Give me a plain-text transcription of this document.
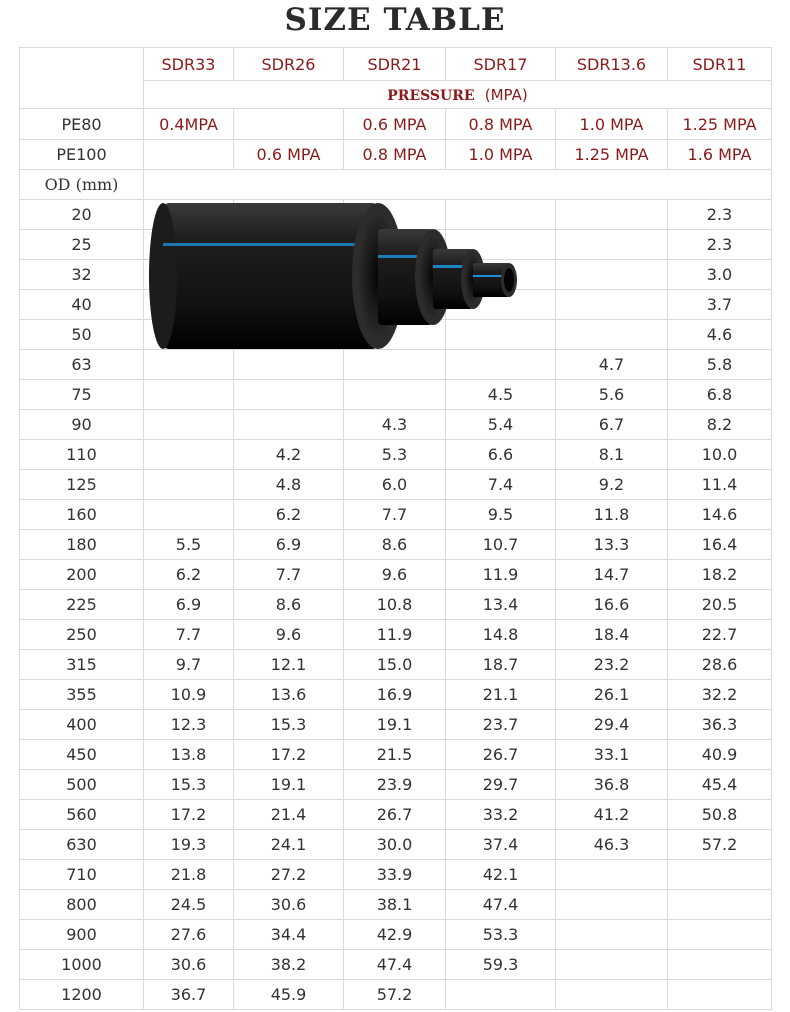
SIZE TABLE
	SDR33	SDR26	SDR21	SDR17	SDR13.6	SDR11
	PRESSURE (MPA)					
PE80	0.4MPA		0.6 MPA	0.8 MPA	1.0 MPA	1.25 MPA
PE100		0.6 MPA	0.8 MPA	1.0 MPA	1.25 MPA	1.6 MPA
OD (mm)						
20						2.3
25						2.3
32						3.0
40						3.7
50						4.6
63					4.7	5.8
75				4.5	5.6	6.8
90			4.3	5.4	6.7	8.2
110		4.2	5.3	6.6	8.1	10.0
125		4.8	6.0	7.4	9.2	11.4
160		6.2	7.7	9.5	11.8	14.6
180	5.5	6.9	8.6	10.7	13.3	16.4
200	6.2	7.7	9.6	11.9	14.7	18.2
225	6.9	8.6	10.8	13.4	16.6	20.5
250	7.7	9.6	11.9	14.8	18.4	22.7
315	9.7	12.1	15.0	18.7	23.2	28.6
355	10.9	13.6	16.9	21.1	26.1	32.2
400	12.3	15.3	19.1	23.7	29.4	36.3
450	13.8	17.2	21.5	26.7	33.1	40.9
500	15.3	19.1	23.9	29.7	36.8	45.4
560	17.2	21.4	26.7	33.2	41.2	50.8
630	19.3	24.1	30.0	37.4	46.3	57.2
710	21.8	27.2	33.9	42.1		
800	24.5	30.6	38.1	47.4		
900	27.6	34.4	42.9	53.3		
1000	30.6	38.2	47.4	59.3		
1200	36.7	45.9	57.2			
